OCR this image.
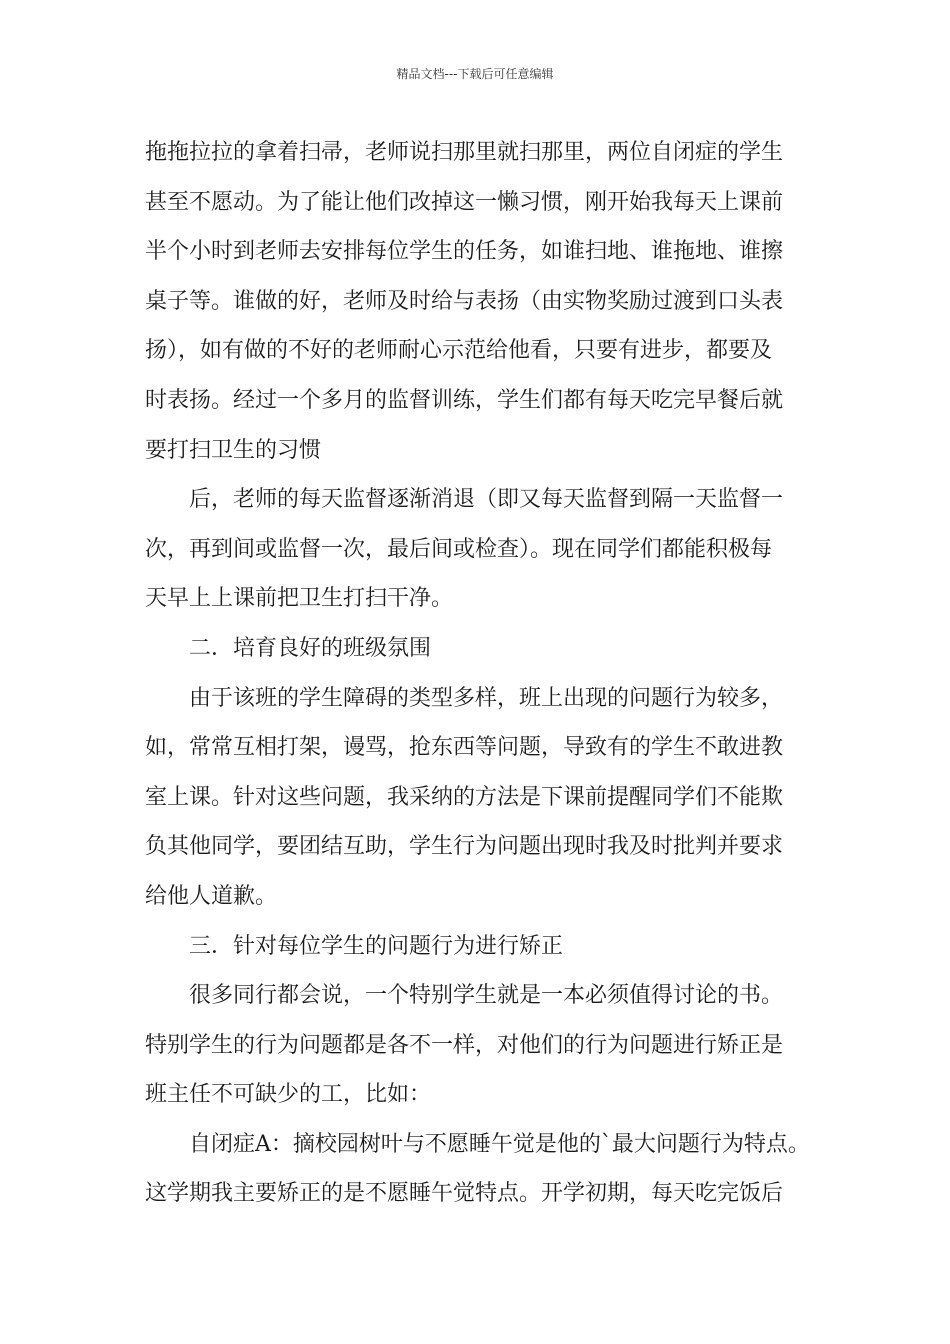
精品文档---下载后可任意编辑
拖拖拉拉的拿着扫帚，老师说扫那里就扫那里，两位自闭症的学生
甚至不愿动。为了能让他们改掉这一懒习惯，刚开始我每天上课前
半个小时到老师去安排每位学生的任务，如谁扫地、谁拖地、谁擦
桌子等。谁做的好，老师及时给与表扬（由实物奖励过渡到口头表
扬），如有做的不好的老师耐心示范给他看，只要有进步，都要及
时表扬。经过一个多月的监督训练，学生们都有每天吃完早餐后就
要打扫卫生的习惯
后，老师的每天监督逐渐消退（即又每天监督到隔一天监督一
次，再到间或监督一次，最后间或检查）。现在同学们都能积极每
天早上上课前把卫生打扫干净。
二．培育良好的班级氛围
由于该班的学生障碍的类型多样，班上出现的问题行为较多，
如，常常互相打架，谩骂，抢东西等问题，导致有的学生不敢进教
室上课。针对这些问题，我采纳的方法是下课前提醒同学们不能欺
负其他同学，要团结互助，学生行为问题出现时我及时批判并要求
给他人道歉。
三．针对每位学生的问题行为进行矫正
很多同行都会说，一个特别学生就是一本必须值得讨论的书。
特别学生的行为问题都是各不一样，对他们的行为问题进行矫正是
班主任不可缺少的工，比如：
自闭症A：摘校园树叶与不愿睡午觉是他的`最大问题行为特点。
这学期我主要矫正的是不愿睡午觉特点。开学初期，每天吃完饭后
